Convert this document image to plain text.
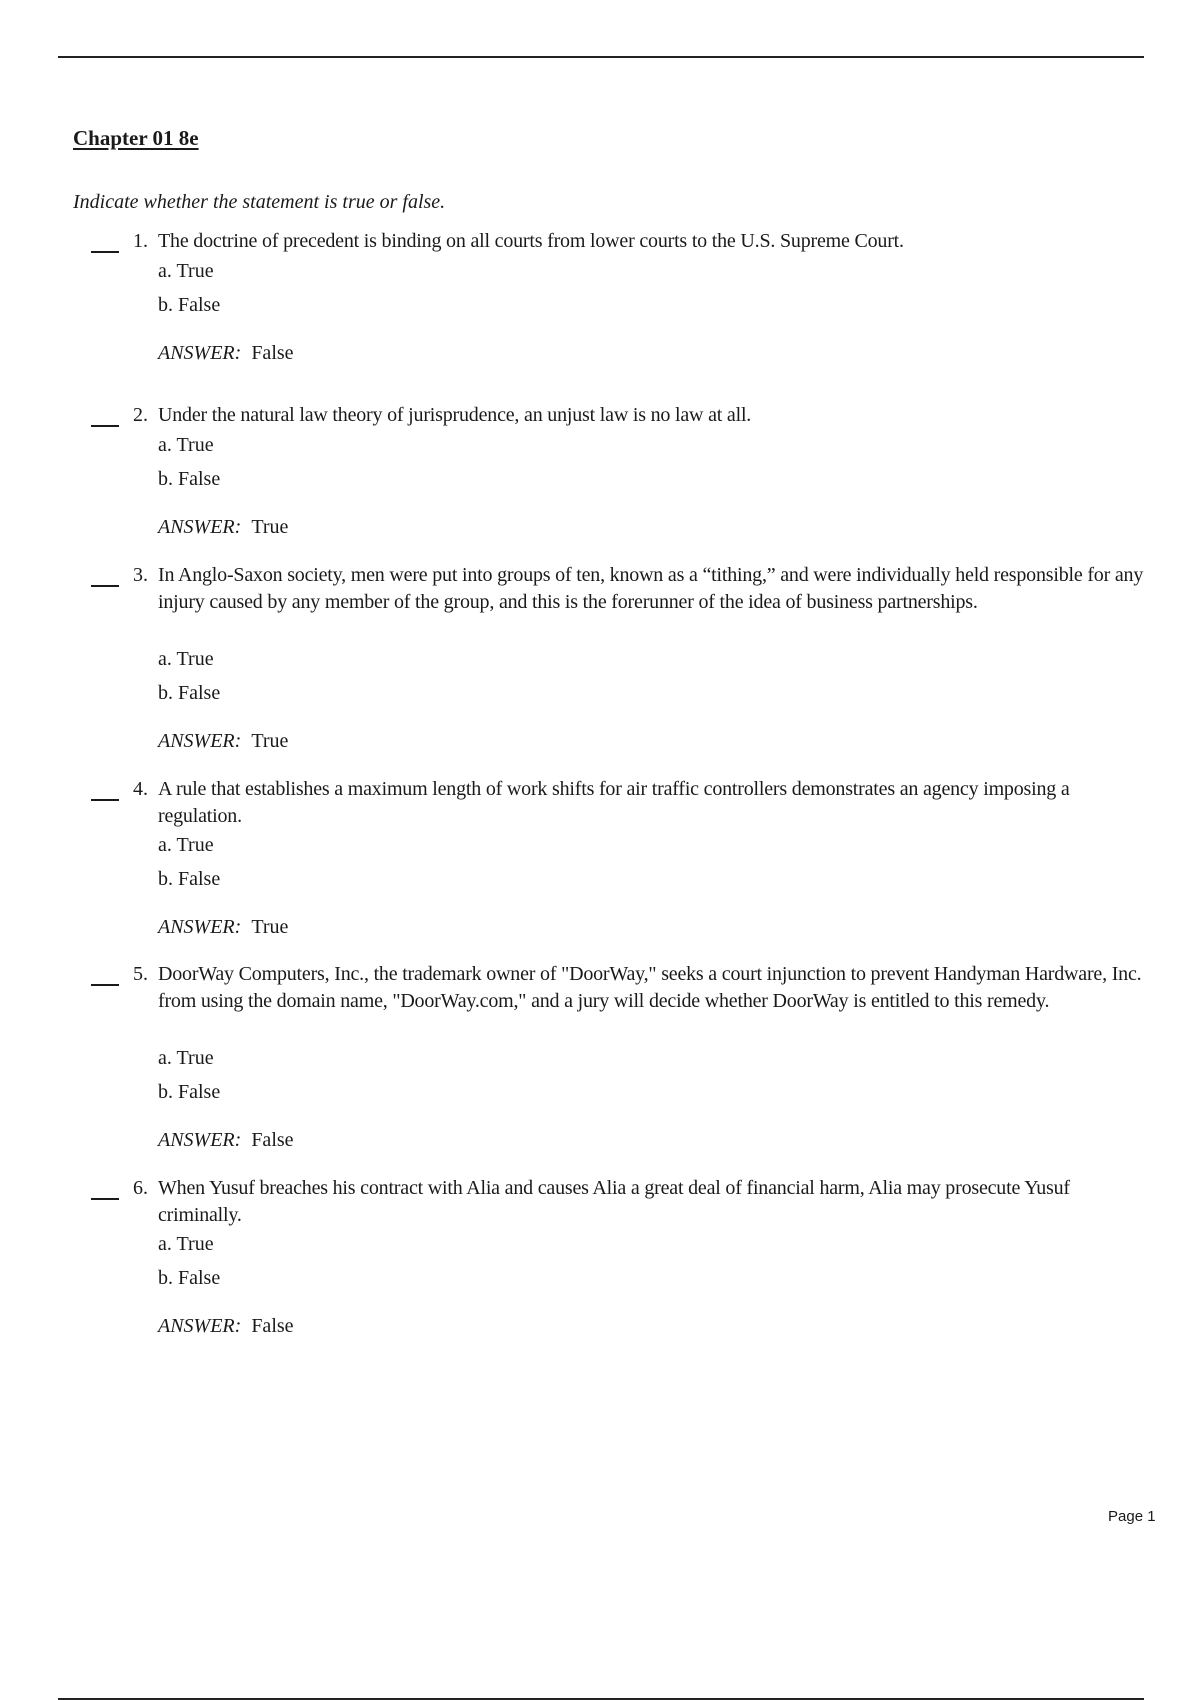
Chapter 01 8e

Indicate whether the statement is true or false.

1. The doctrine of precedent is binding on all courts from lower courts to the U.S. Supreme Court.
a. True
b. False
ANSWER: False
2. Under the natural law theory of jurisprudence, an unjust law is no law at all.
a. True
b. False
ANSWER: True
3. In Anglo-Saxon society, men were put into groups of ten, known as a “tithing,” and were individually held responsible for any injury caused by any member of the group, and this is the forerunner of the idea of business partnerships.
a. True
b. False
ANSWER: True
4. A rule that establishes a maximum length of work shifts for air traffic controllers demonstrates an agency imposing a regulation.
a. True
b. False
ANSWER: True
5. DoorWay Computers, Inc., the trademark owner of "DoorWay," seeks a court injunction to prevent Handyman Hardware, Inc. from using the domain name, "DoorWay.com," and a jury will decide whether DoorWay is entitled to this remedy.
a. True
b. False
ANSWER: False
6. When Yusuf breaches his contract with Alia and causes Alia a great deal of financial harm, Alia may prosecute Yusuf criminally.
a. True
b. False
ANSWER: False
Page 1
